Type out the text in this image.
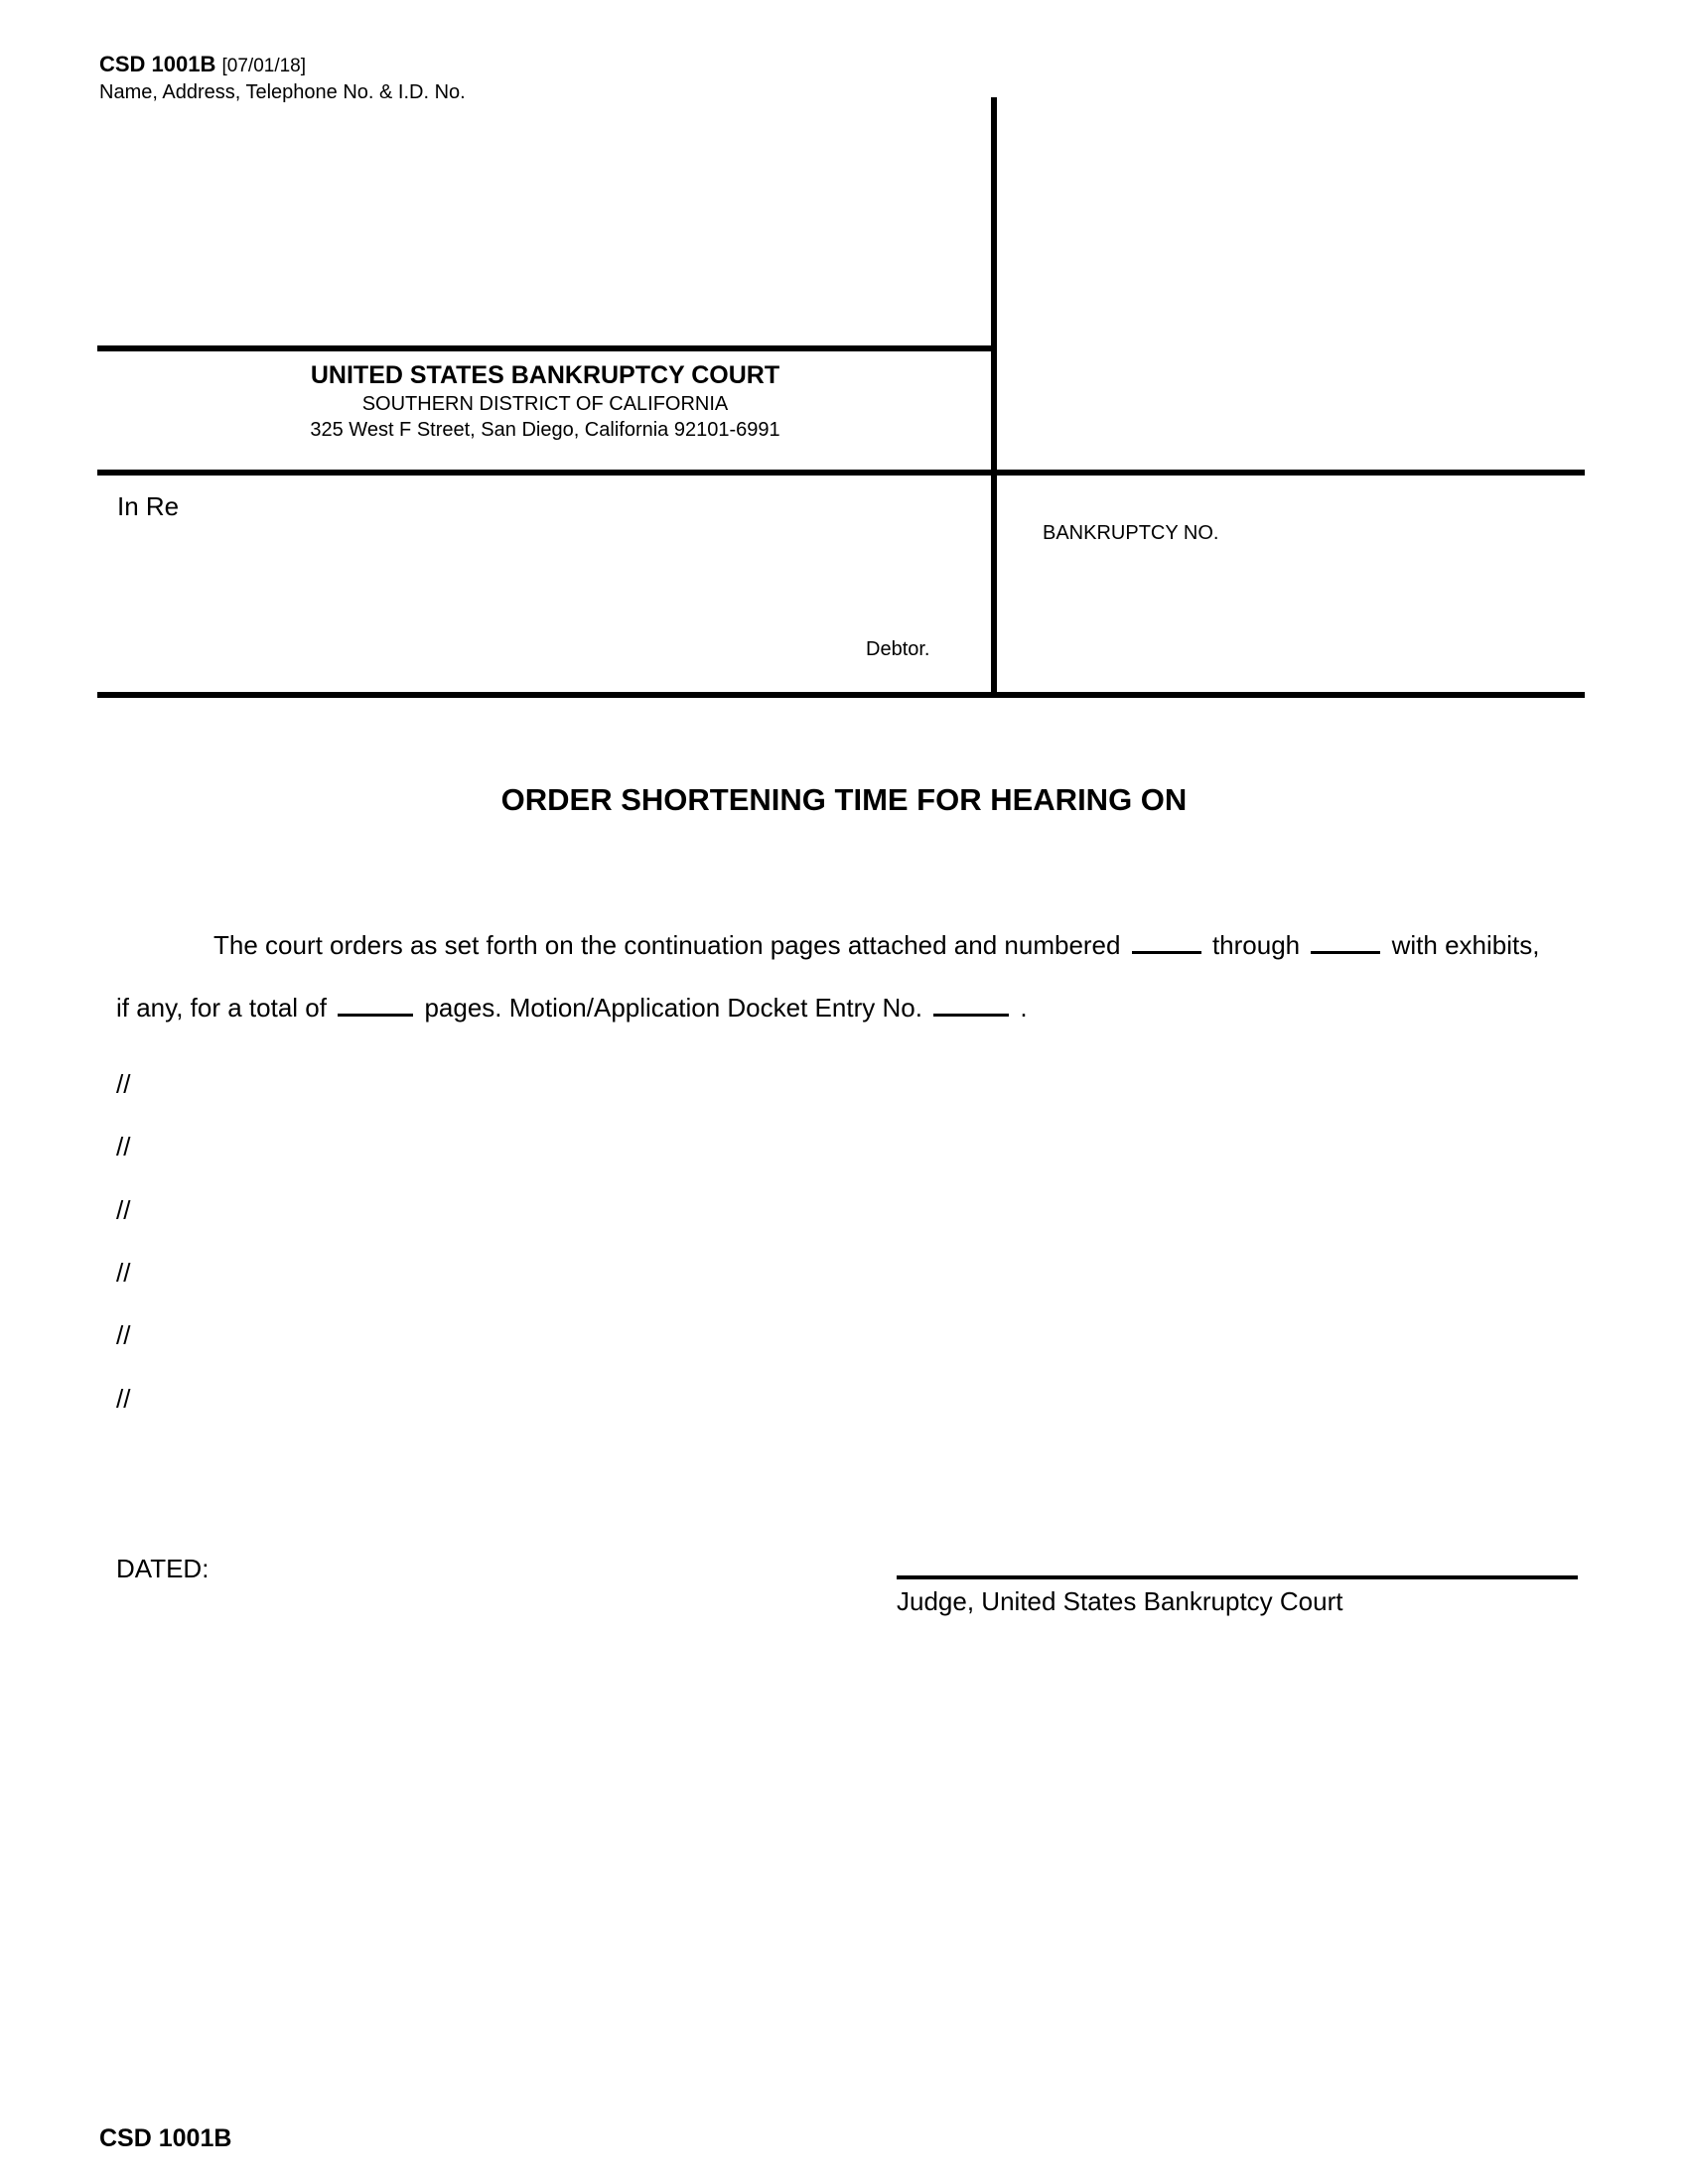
CSD 1001B [07/01/18]
Name, Address, Telephone No. & I.D. No.
UNITED STATES BANKRUPTCY COURT
SOUTHERN DISTRICT OF CALIFORNIA
325 West F Street, San Diego, California 92101-6991
In Re
Debtor.
BANKRUPTCY NO.
ORDER SHORTENING TIME FOR HEARING ON
The court orders as set forth on the continuation pages attached and numbered	through	with exhibits,
if any, for a total of	pages. Motion/Application Docket Entry No.	.
//
//
//
//
//
//
DATED:
Judge, United States Bankruptcy Court
CSD 1001B
